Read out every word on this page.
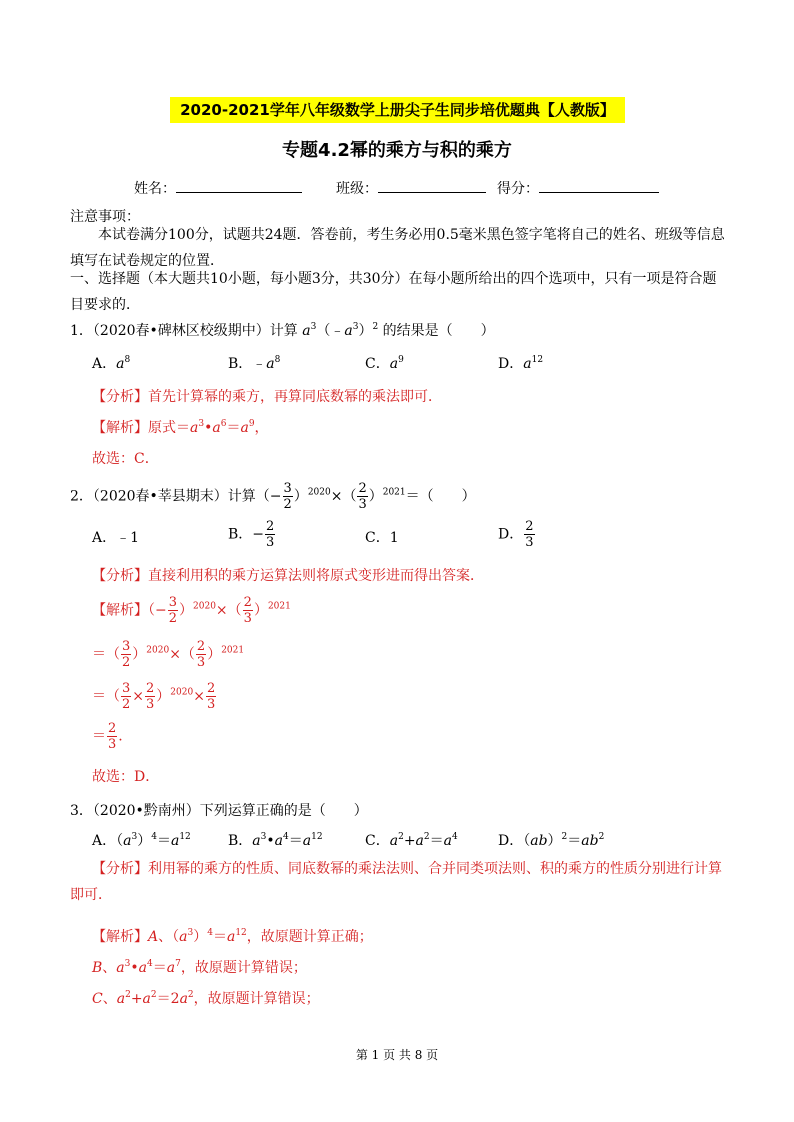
2020-2021学年八年级数学上册尖子生同步培优题典【人教版】
专题4.2幂的乘方与积的乘方
姓名：	班级：	得分：
注意事项：
本试卷满分100分，试题共24题．答卷前，考生务必用0.5毫米黑色签字笔将自己的姓名、班级等信息填写在试卷规定的位置．
一、选择题（本大题共10小题，每小题3分，共30分）在每小题所给出的四个选项中，只有一项是符合题目要求的．
1．（2020春•碑林区校级期中）计算 $a^3(﹣a^3)^2$ 的结果是（　　）
A．$a^8$	B．$﹣a^8$	C．$a^9$	D．$a^{12}$
【分析】首先计算幂的乘方，再算同底数幂的乘法即可．
【解析】原式$=a^3•a^6=a^9$，
故选：C．
2．（2020春•莘县期末）计算（− $\frac{3}{2} )^{2020}\times( \frac{2}{3} )^{2021}=$（　　）
A．﹣1	B．− $\frac{2}{3}$	C．1	D． $\frac{2}{3}$
【分析】直接利用积的乘方运算法则将原式变形进而得出答案．
【解析】（− $\frac{3}{2} )^{2020}\times( \frac{2}{3} )^{2021}$
＝（ $\frac{3}{2} )^{2020}\times( \frac{2}{3} )^{2021}$
＝（ $\frac{3}{2} \times \frac{2}{3} )^{2020}\times \frac{2}{3}$
＝ $\frac{2}{3}$ .
故选：D．
3．（2020•黔南州）下列运算正确的是（　　）
A．$(a^3)^4=a^{12}$	B．$a^3•a^4=a^{12}$	C．$a^2+a^2=a^4$	D．$(ab)^2=ab^2$
【分析】利用幂的乘方的性质、同底数幂的乘法法则、合并同类项法则、积的乘方的性质分别进行计算即可．
【解析】A、$(a^3)^4=a^{12}$，故原题计算正确；
B、$a^3•a^4=a^7$，故原题计算错误；
C、$a^2+a^2=2a^2$，故原题计算错误；
第 1 页 共 8 页
